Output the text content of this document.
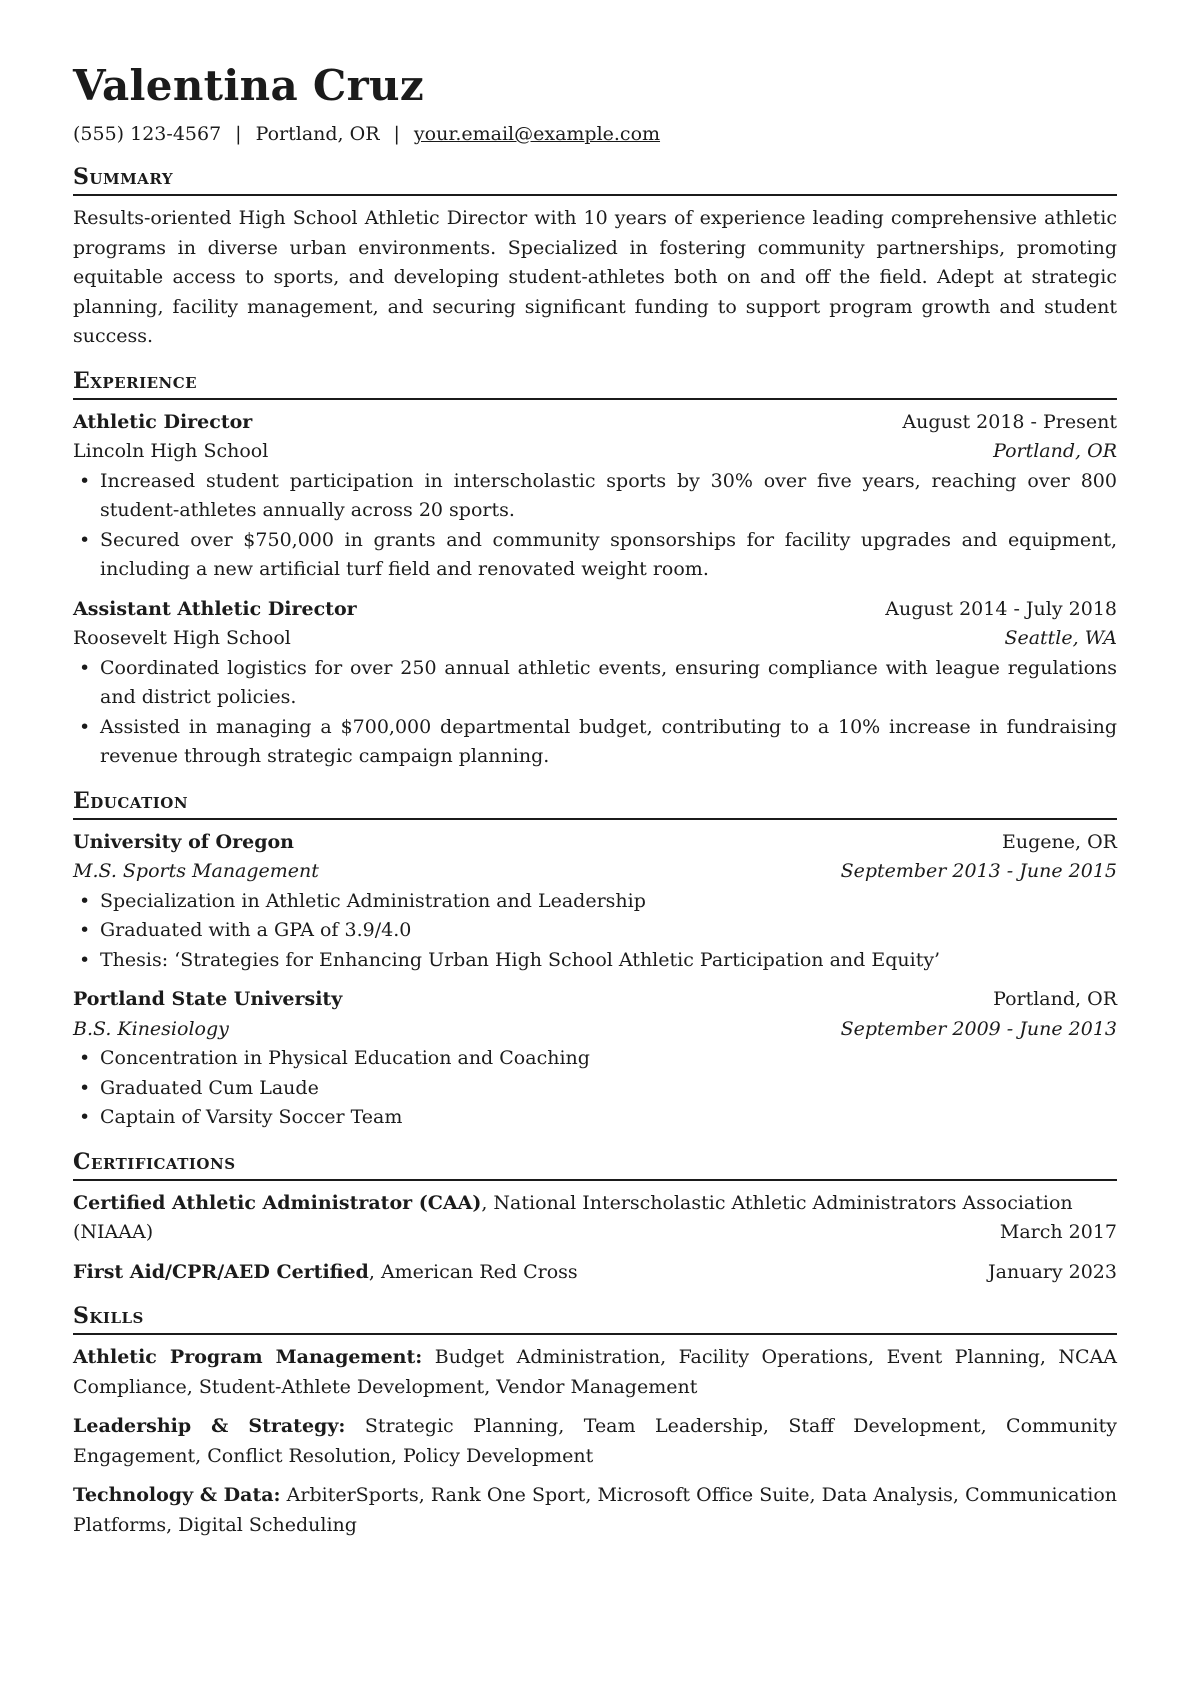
Valentina Cruz
(555) 123-4567 | Portland, OR | your.email@example.com
Summary

Results-oriented High School Athletic Director with 10 years of experience leading comprehensive athletic programs in diverse urban environments. Specialized in fostering community partnerships, promoting equitable access to sports, and developing student-athletes both on and off the field. Adept at strategic planning, facility management, and securing significant funding to support program growth and student success.

Experience
Athletic Director	August 2018 - Present
Lincoln High School	Portland, OR
• Increased student participation in interscholastic sports by 30% over five years, reaching over 800 student-athletes annually across 20 sports.
• Secured over $750,000 in grants and community sponsorships for facility upgrades and equipment, including a new artificial turf field and renovated weight room.
Assistant Athletic Director	August 2014 - July 2018
Roosevelt High School	Seattle, WA
• Coordinated logistics for over 250 annual athletic events, ensuring compliance with league regulations and district policies.
• Assisted in managing a $700,000 departmental budget, contributing to a 10% increase in fundraising revenue through strategic campaign planning.
Education
University of Oregon	Eugene, OR
M.S. Sports Management	September 2013 - June 2015
• Specialization in Athletic Administration and Leadership
• Graduated with a GPA of 3.9/4.0
• Thesis: ‘Strategies for Enhancing Urban High School Athletic Participation and Equity’
Portland State University	Portland, OR
B.S. Kinesiology	September 2009 - June 2013
• Concentration in Physical Education and Coaching
• Graduated Cum Laude
• Captain of Varsity Soccer Team
Certifications
Certified Athletic Administrator (CAA), National Interscholastic Athletic Administrators Association
(NIAAA)	March 2017
First Aid/CPR/AED Certified, American Red Cross	January 2023
Skills
Athletic Program Management: Budget Administration, Facility Operations, Event Planning, NCAA Compliance, Student-Athlete Development, Vendor Management
Leadership & Strategy: Strategic Planning, Team Leadership, Staff Development, Community Engagement, Conflict Resolution, Policy Development
Technology & Data: ArbiterSports, Rank One Sport, Microsoft Office Suite, Data Analysis, Communication Platforms, Digital Scheduling
